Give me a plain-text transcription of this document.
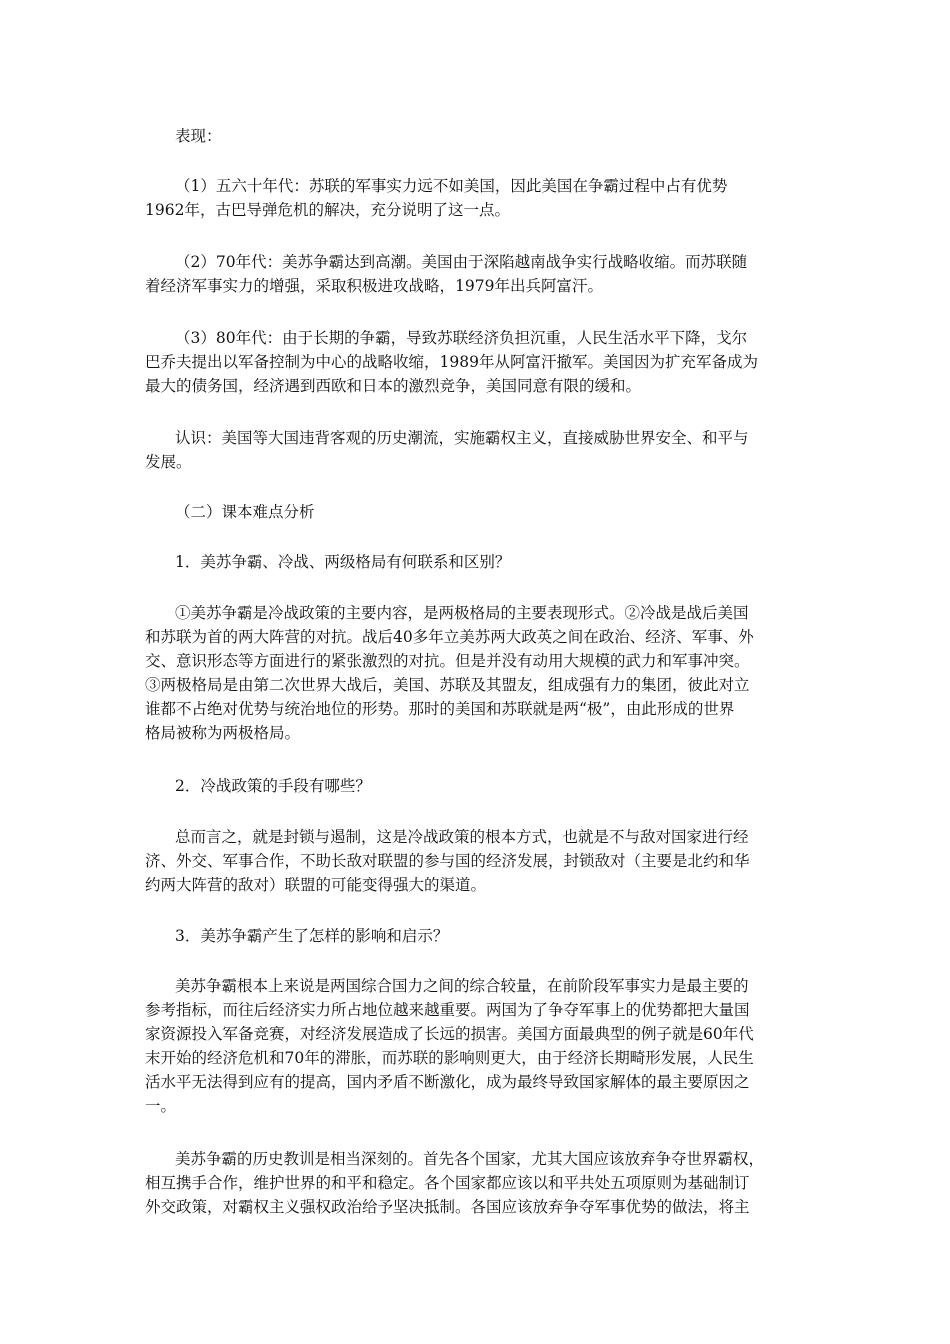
表现：
（1）五六十年代：苏联的军事实力远不如美国，因此美国在争霸过程中占有优势
1962年，古巴导弹危机的解决，充分说明了这一点。
（2）70年代：美苏争霸达到高潮。美国由于深陷越南战争实行战略收缩。而苏联随
着经济军事实力的增强，采取积极进攻战略，1979年出兵阿富汗。
（3）80年代：由于长期的争霸，导致苏联经济负担沉重，人民生活水平下降，戈尔
巴乔夫提出以军备控制为中心的战略收缩，1989年从阿富汗撤军。美国因为扩充军备成为
最大的债务国，经济遇到西欧和日本的激烈竞争，美国同意有限的缓和。
认识：美国等大国违背客观的历史潮流，实施霸权主义，直接威胁世界安全、和平与
发展。
（二）课本难点分析
1．美苏争霸、冷战、两级格局有何联系和区别？
①美苏争霸是冷战政策的主要内容，是两极格局的主要表现形式。②冷战是战后美国
和苏联为首的两大阵营的对抗。战后40多年立美苏两大政英之间在政治、经济、军事、外
交、意识形态等方面进行的紧张激烈的对抗。但是并没有动用大规模的武力和军事冲突。
③两极格局是由第二次世界大战后，美国、苏联及其盟友，组成强有力的集团，彼此对立
谁都不占绝对优势与统治地位的形势。那时的美国和苏联就是两“极”，由此形成的世界
格局被称为两极格局。
2．冷战政策的手段有哪些？
总而言之，就是封锁与遏制，这是冷战政策的根本方式，也就是不与敌对国家进行经
济、外交、军事合作，不助长敌对联盟的参与国的经济发展，封锁敌对（主要是北约和华
约两大阵营的敌对）联盟的可能变得强大的渠道。
3．美苏争霸产生了怎样的影响和启示？
美苏争霸根本上来说是两国综合国力之间的综合较量，在前阶段军事实力是最主要的
参考指标，而往后经济实力所占地位越来越重要。两国为了争夺军事上的优势都把大量国
家资源投入军备竞赛，对经济发展造成了长远的损害。美国方面最典型的例子就是60年代
末开始的经济危机和70年的滞胀，而苏联的影响则更大，由于经济长期畸形发展，人民生
活水平无法得到应有的提高，国内矛盾不断激化，成为最终导致国家解体的最主要原因之
一。
美苏争霸的历史教训是相当深刻的。首先各个国家，尤其大国应该放弃争夺世界霸权，
相互携手合作，维护世界的和平和稳定。各个国家都应该以和平共处五项原则为基础制订
外交政策，对霸权主义强权政治给予坚决抵制。各国应该放弃争夺军事优势的做法，将主
